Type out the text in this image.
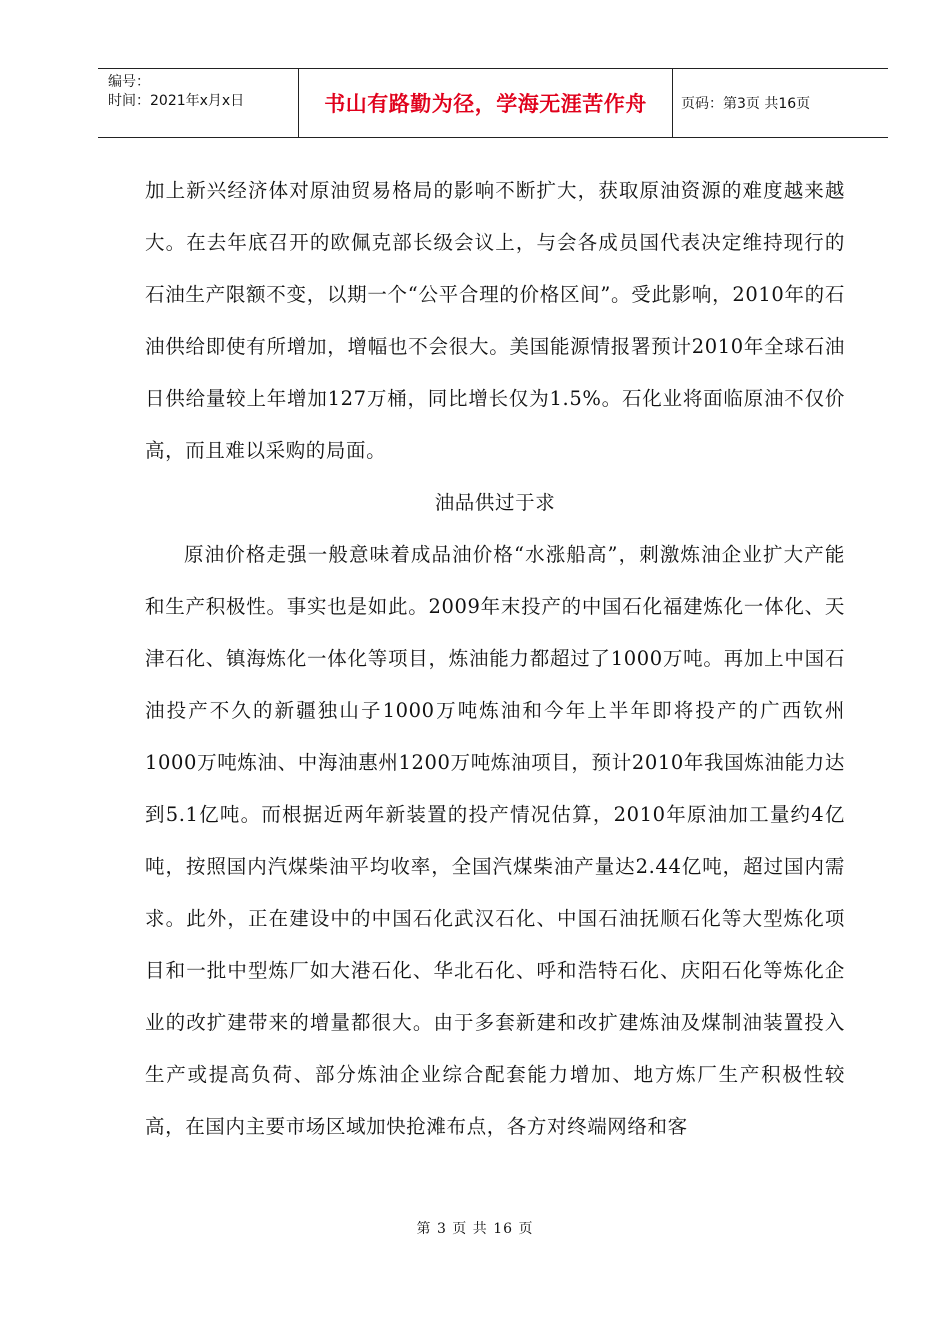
编号：
时间：2021年x月x日	书山有路勤为径，学海无涯苦作舟	页码：第3页 共16页

加上新兴经济体对原油贸易格局的影响不断扩大，获取原油资源的难度越来越大。在去年底召开的欧佩克部长级会议上，与会各成员国代表决定维持现行的石油生产限额不变，以期一个“公平合理的价格区间”。受此影响，2010年的石油供给即使有所增加，增幅也不会很大。美国能源情报署预计2010年全球石油日供给量较上年增加127万桶，同比增长仅为1.5%。石化业将面临原油不仅价高，而且难以采购的局面。

油品供过于求

原油价格走强一般意味着成品油价格“水涨船高”，刺激炼油企业扩大产能和生产积极性。事实也是如此。2009年末投产的中国石化福建炼化一体化、天津石化、镇海炼化一体化等项目，炼油能力都超过了1000万吨。再加上中国石油投产不久的新疆独山子1000万吨炼油和今年上半年即将投产的广西钦州1000万吨炼油、中海油惠州1200万吨炼油项目，预计2010年我国炼油能力达到5.1亿吨。而根据近两年新装置的投产情况估算，2010年原油加工量约4亿吨，按照国内汽煤柴油平均收率，全国汽煤柴油产量达2.44亿吨，超过国内需求。此外，正在建设中的中国石化武汉石化、中国石油抚顺石化等大型炼化项目和一批中型炼厂如大港石化、华北石化、呼和浩特石化、庆阳石化等炼化企业的改扩建带来的增量都很大。由于多套新建和改扩建炼油及煤制油装置投入生产或提高负荷、部分炼油企业综合配套能力增加、地方炼厂生产积极性较高，在国内主要市场区域加快抢滩布点，各方对终端网络和客

第 3 页 共 16 页
